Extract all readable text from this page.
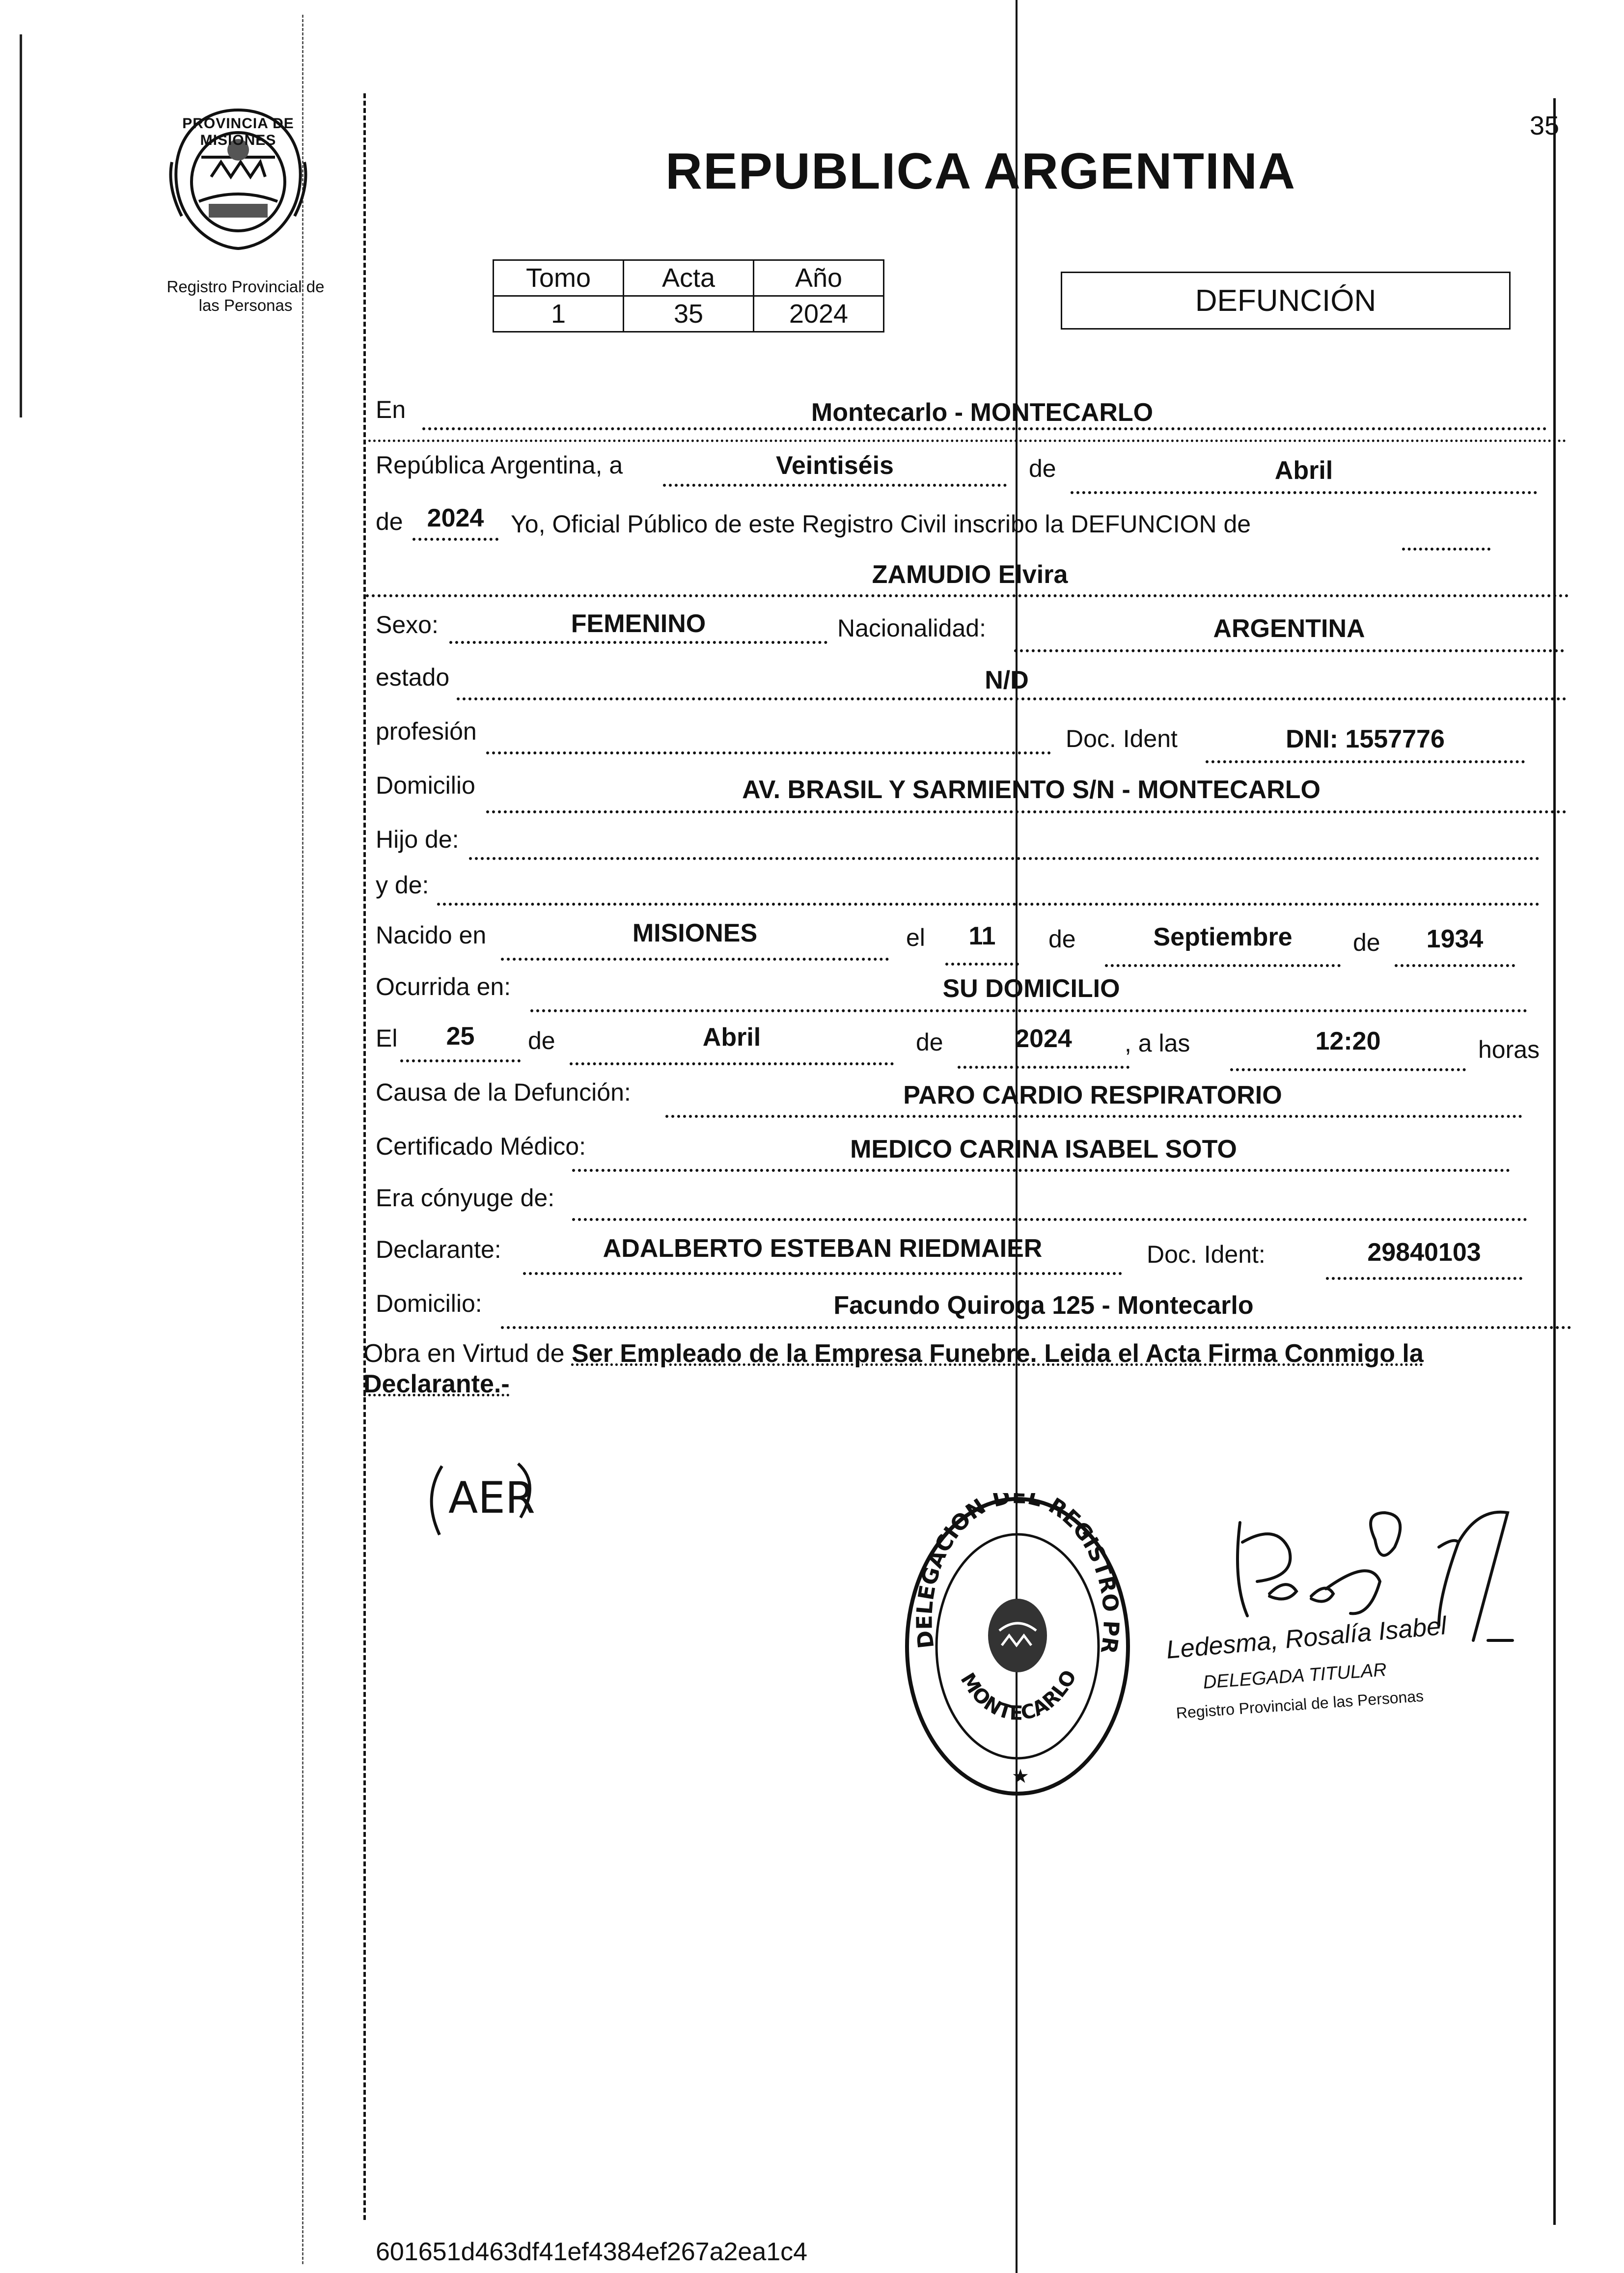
35
PROVINCIA DE MISIONES
Registro Provincial de
las Personas
REPUBLICA ARGENTINA
Tomo	Acta	Año
1	35	2024	DEFUNCIÓN
En	Montecarlo - MONTECARLO
República Argentina, a	Veintiséis	de	Abril
de 2024	Yo, Oficial Público de este Registro Civil inscribo la DEFUNCION de
ZAMUDIO Elvira
Sexo:	FEMENINO	Nacionalidad:	ARGENTINA
estado	N/D
profesión	Doc. Ident	DNI: 1557776
Domicilio	AV. BRASIL Y SARMIENTO S/N - MONTECARLO
Hijo de:
y de:
Nacido en	MISIONES	el	11	de	Septiembre	de	1934
Ocurrida en:	SU DOMICILIO
El	25	de	Abril	de	2024	, a las	12:20	horas
Causa de la Defunción:	PARO CARDIO RESPIRATORIO
Certificado Médico:	MEDICO CARINA ISABEL SOTO
Era cónyuge de:
Declarante:	ADALBERTO ESTEBAN RIEDMAIER	Doc. Ident:	29840103
Domicilio:	Facundo Quiroga 125 - Montecarlo
Obra en Virtud de Ser Empleado de la Empresa Funebre. Leida el Acta Firma Conmigo la Declarante.-
AER
DELEGACION DEL REGISTRO PR
MONTECARLO
★
Ledesma, Rosalía Isabel
DELEGADA TITULAR
Registro Provincial de las Personas
601651d463df41ef4384ef267a2ea1c4
